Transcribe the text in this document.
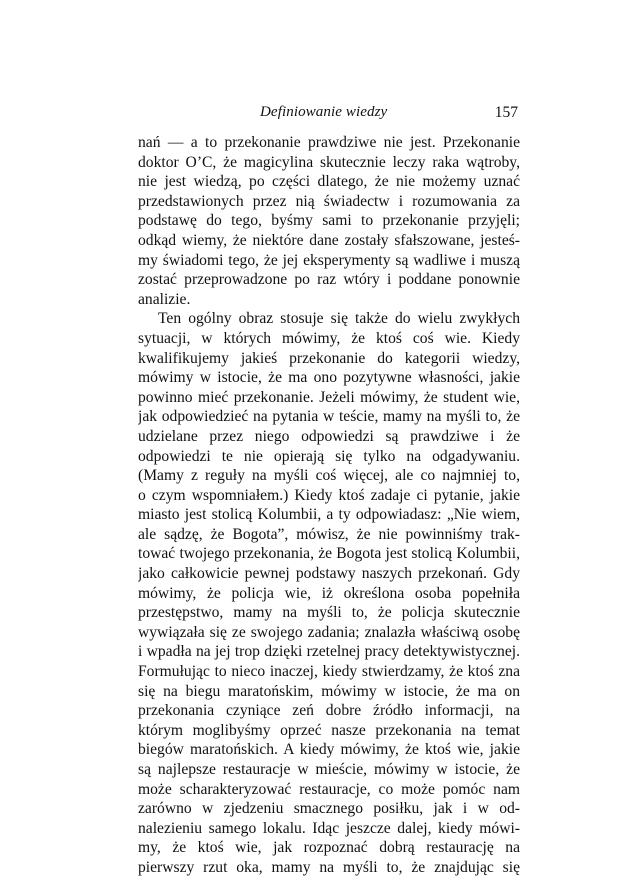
Definiowanie wiedzy	157
nań — a to przekonanie prawdziwe nie jest. Przekonanie
doktor O’C, że magicylina skutecznie leczy raka wątroby,
nie jest wiedzą, po części dlatego, że nie możemy uznać
przedstawionych przez nią świadectw i rozumowania za
podstawę do tego, byśmy sami to przekonanie przyjęli;
odkąd wiemy, że niektóre dane zostały sfałszowane, jesteś-
my świadomi tego, że jej eksperymenty są wadliwe i muszą
zostać przeprowadzone po raz wtóry i poddane ponownie
analizie.
Ten ogólny obraz stosuje się także do wielu zwykłych
sytuacji, w których mówimy, że ktoś coś wie. Kiedy
kwalifikujemy jakieś przekonanie do kategorii wiedzy,
mówimy w istocie, że ma ono pozytywne własności, jakie
powinno mieć przekonanie. Jeżeli mówimy, że student wie,
jak odpowiedzieć na pytania w teście, mamy na myśli to, że
udzielane przez niego odpowiedzi są prawdziwe i że
odpowiedzi te nie opierają się tylko na odgadywaniu.
(Mamy z reguły na myśli coś więcej, ale co najmniej to,
o czym wspomniałem.) Kiedy ktoś zadaje ci pytanie, jakie
miasto jest stolicą Kolumbii, a ty odpowiadasz: „Nie wiem,
ale sądzę, że Bogota”, mówisz, że nie powinniśmy trak-
tować twojego przekonania, że Bogota jest stolicą Kolumbii,
jako całkowicie pewnej podstawy naszych przekonań. Gdy
mówimy, że policja wie, iż określona osoba popełniła
przestępstwo, mamy na myśli to, że policja skutecznie
wywiązała się ze swojego zadania; znalazła właściwą osobę
i wpadła na jej trop dzięki rzetelnej pracy detektywistycznej.
Formułując to nieco inaczej, kiedy stwierdzamy, że ktoś zna
się na biegu maratońskim, mówimy w istocie, że ma on
przekonania czyniące zeń dobre źródło informacji, na
którym moglibyśmy oprzeć nasze przekonania na temat
biegów maratońskich. A kiedy mówimy, że ktoś wie, jakie
są najlepsze restauracje w mieście, mówimy w istocie, że
może scharakteryzować restauracje, co może pomóc nam
zarówno w zjedzeniu smacznego posiłku, jak i w od-
nalezieniu samego lokalu. Idąc jeszcze dalej, kiedy mówi-
my, że ktoś wie, jak rozpoznać dobrą restaurację na
pierwszy rzut oka, mamy na myśli to, że znajdując się
